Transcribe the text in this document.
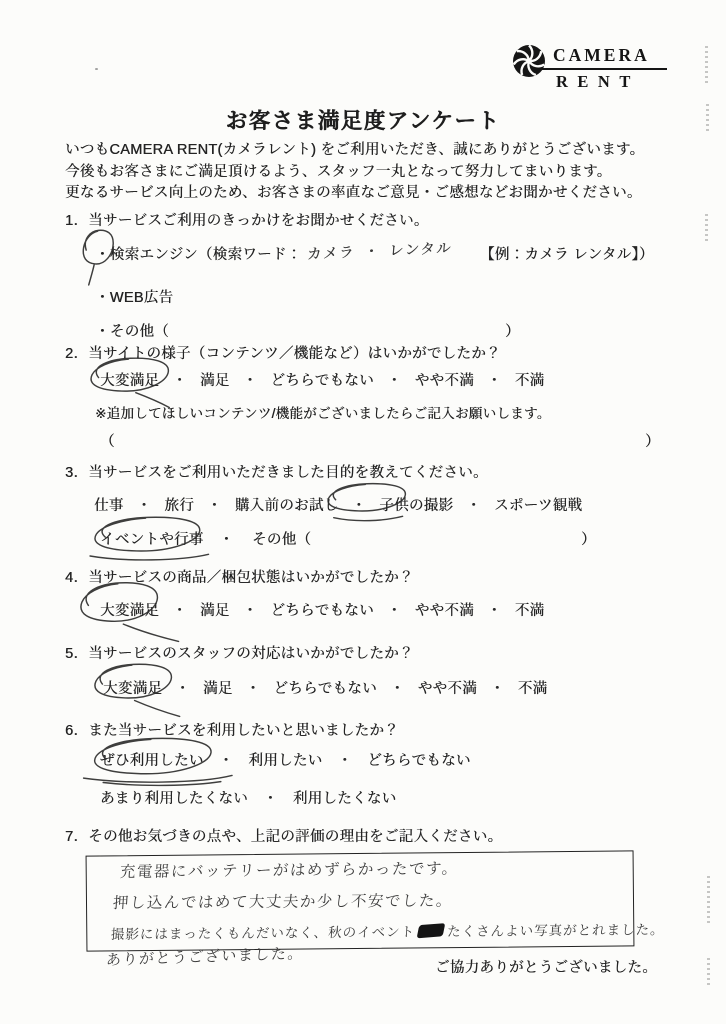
CAMERA
RENT
お客さま満足度アンケート
いつもCAMERA RENT(カメラレント) をご利用いただき、誠にありがとうございます。
今後もお客さまにご満足頂けるよう、スタッフ一丸となって努力してまいります。
更なるサービス向上のため、お客さまの率直なご意見・ご感想などお聞かせください。
1．当サービスご利用のきっかけをお聞かせください。
・検索エンジン（検索ワード： カメラ ・ レンタル 【例：カメラ レンタル】）
・WEB広告
・その他（	）
2．当サイトの様子（コンテンツ／機能など）はいかがでしたか？
大変満足 ・ 満足 ・ どちらでもない ・ やや不満 ・ 不満
※追加してほしいコンテンツ/機能がございましたらご記入お願いします。
（	）
3．当サービスをご利用いただきました目的を教えてください。
仕事 ・ 旅行 ・ 購入前のお試し ・ 子供の撮影 ・ スポーツ観戦
イベントや行事 ・ その他（	）
4．当サービスの商品／梱包状態はいかがでしたか？
大変満足 ・ 満足 ・ どちらでもない ・ やや不満 ・ 不満
5．当サービスのスタッフの対応はいかがでしたか？
大変満足 ・ 満足 ・ どちらでもない ・ やや不満 ・ 不満
6．また当サービスを利用したいと思いましたか？
ぜひ利用したい ・ 利用したい ・ どちらでもない
あまり利用したくない ・ 利用したくない
7．その他お気づきの点や、上記の評価の理由をご記入ください。
充電器にバッテリーがはめずらかったです。
押し込んではめて大丈夫か少し不安でした。
撮影にはまったくもんだいなく、秋のイベント たくさんよい写真がとれました。
ありがとうございました。	ご協力ありがとうございました。
